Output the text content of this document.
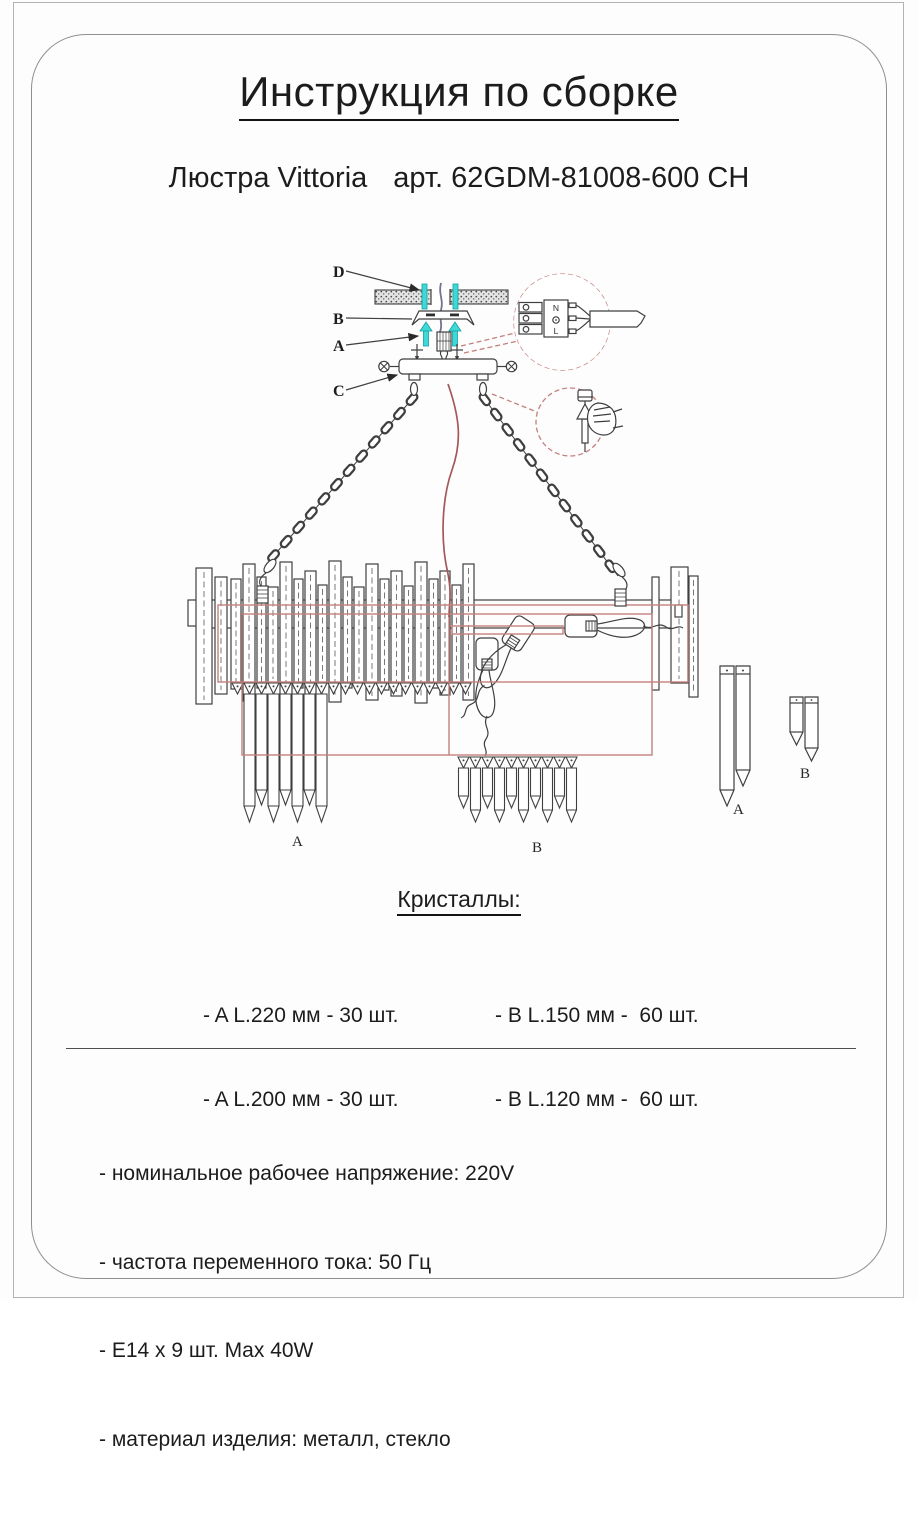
Инструкция по сборке
Люстра Vittoria арт. 62GDM-81008-600 CH
N
L
D
B
A
C
A	B
A
B
Кристаллы:

- A L.220 мм - 30 шт.

- A L.200 мм - 30 шт.

- B L.150 мм -  60 шт.

- B L.120 мм -  60 шт.

- номинальное рабочее напряжение: 220V

- частота переменного тока: 50 Гц

- E14 x 9 шт. Max 40W

- материал изделия: металл, стекло
